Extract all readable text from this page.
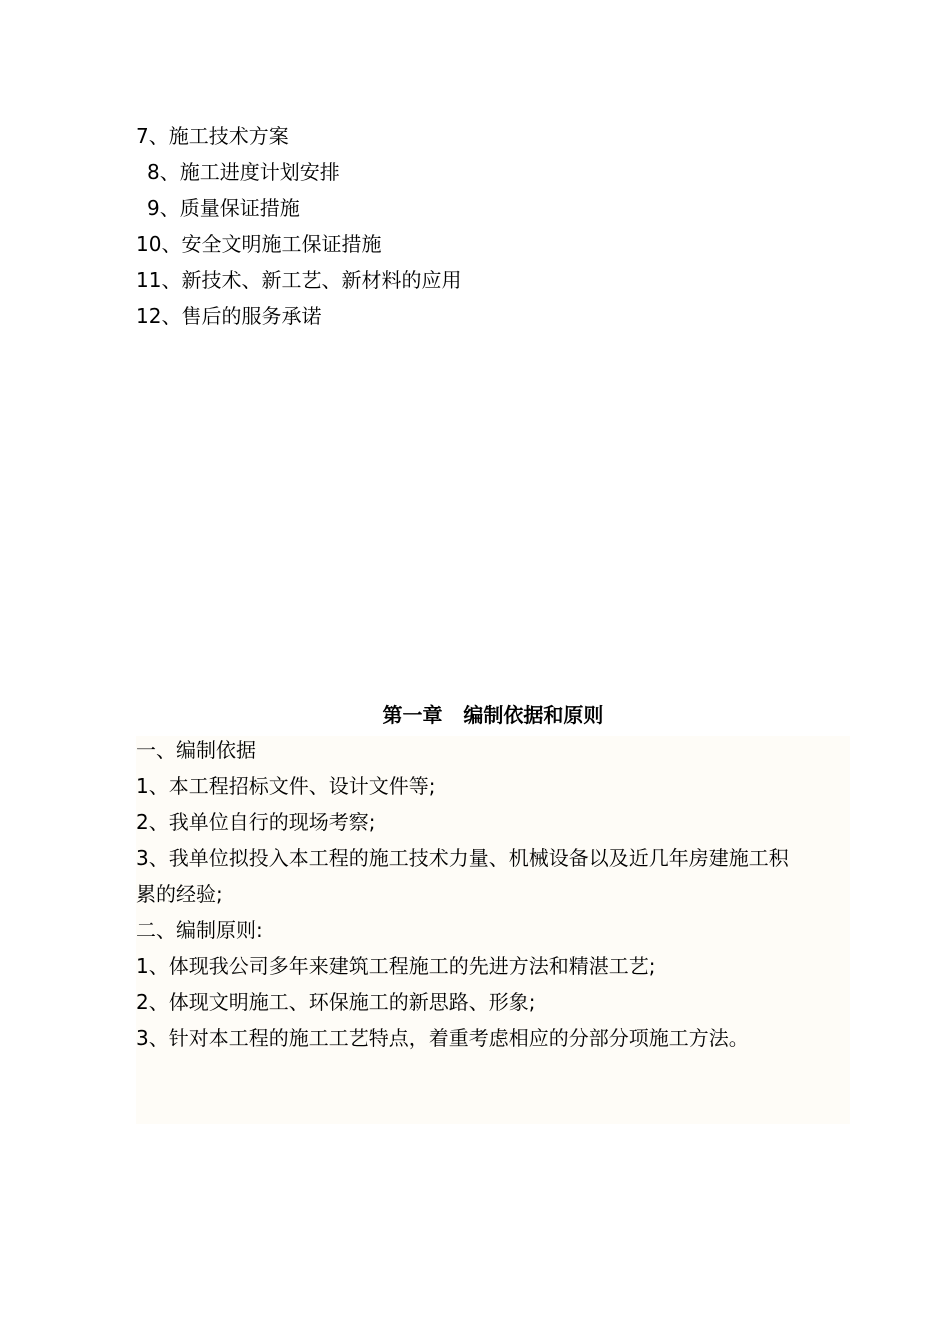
7、施工技术方案
8、施工进度计划安排
9、质量保证措施
10、安全文明施工保证措施
11、新技术、新工艺、新材料的应用
12、售后的服务承诺
第一章   编制依据和原则
一、编制依据
1、本工程招标文件、设计文件等;
2、我单位自行的现场考察;
3、我单位拟投入本工程的施工技术力量、机械设备以及近几年房建施工积
累的经验;
二、编制原则:
1、体现我公司多年来建筑工程施工的先进方法和精湛工艺;
2、体现文明施工、环保施工的新思路、形象;
3、针对本工程的施工工艺特点，着重考虑相应的分部分项施工方法。
